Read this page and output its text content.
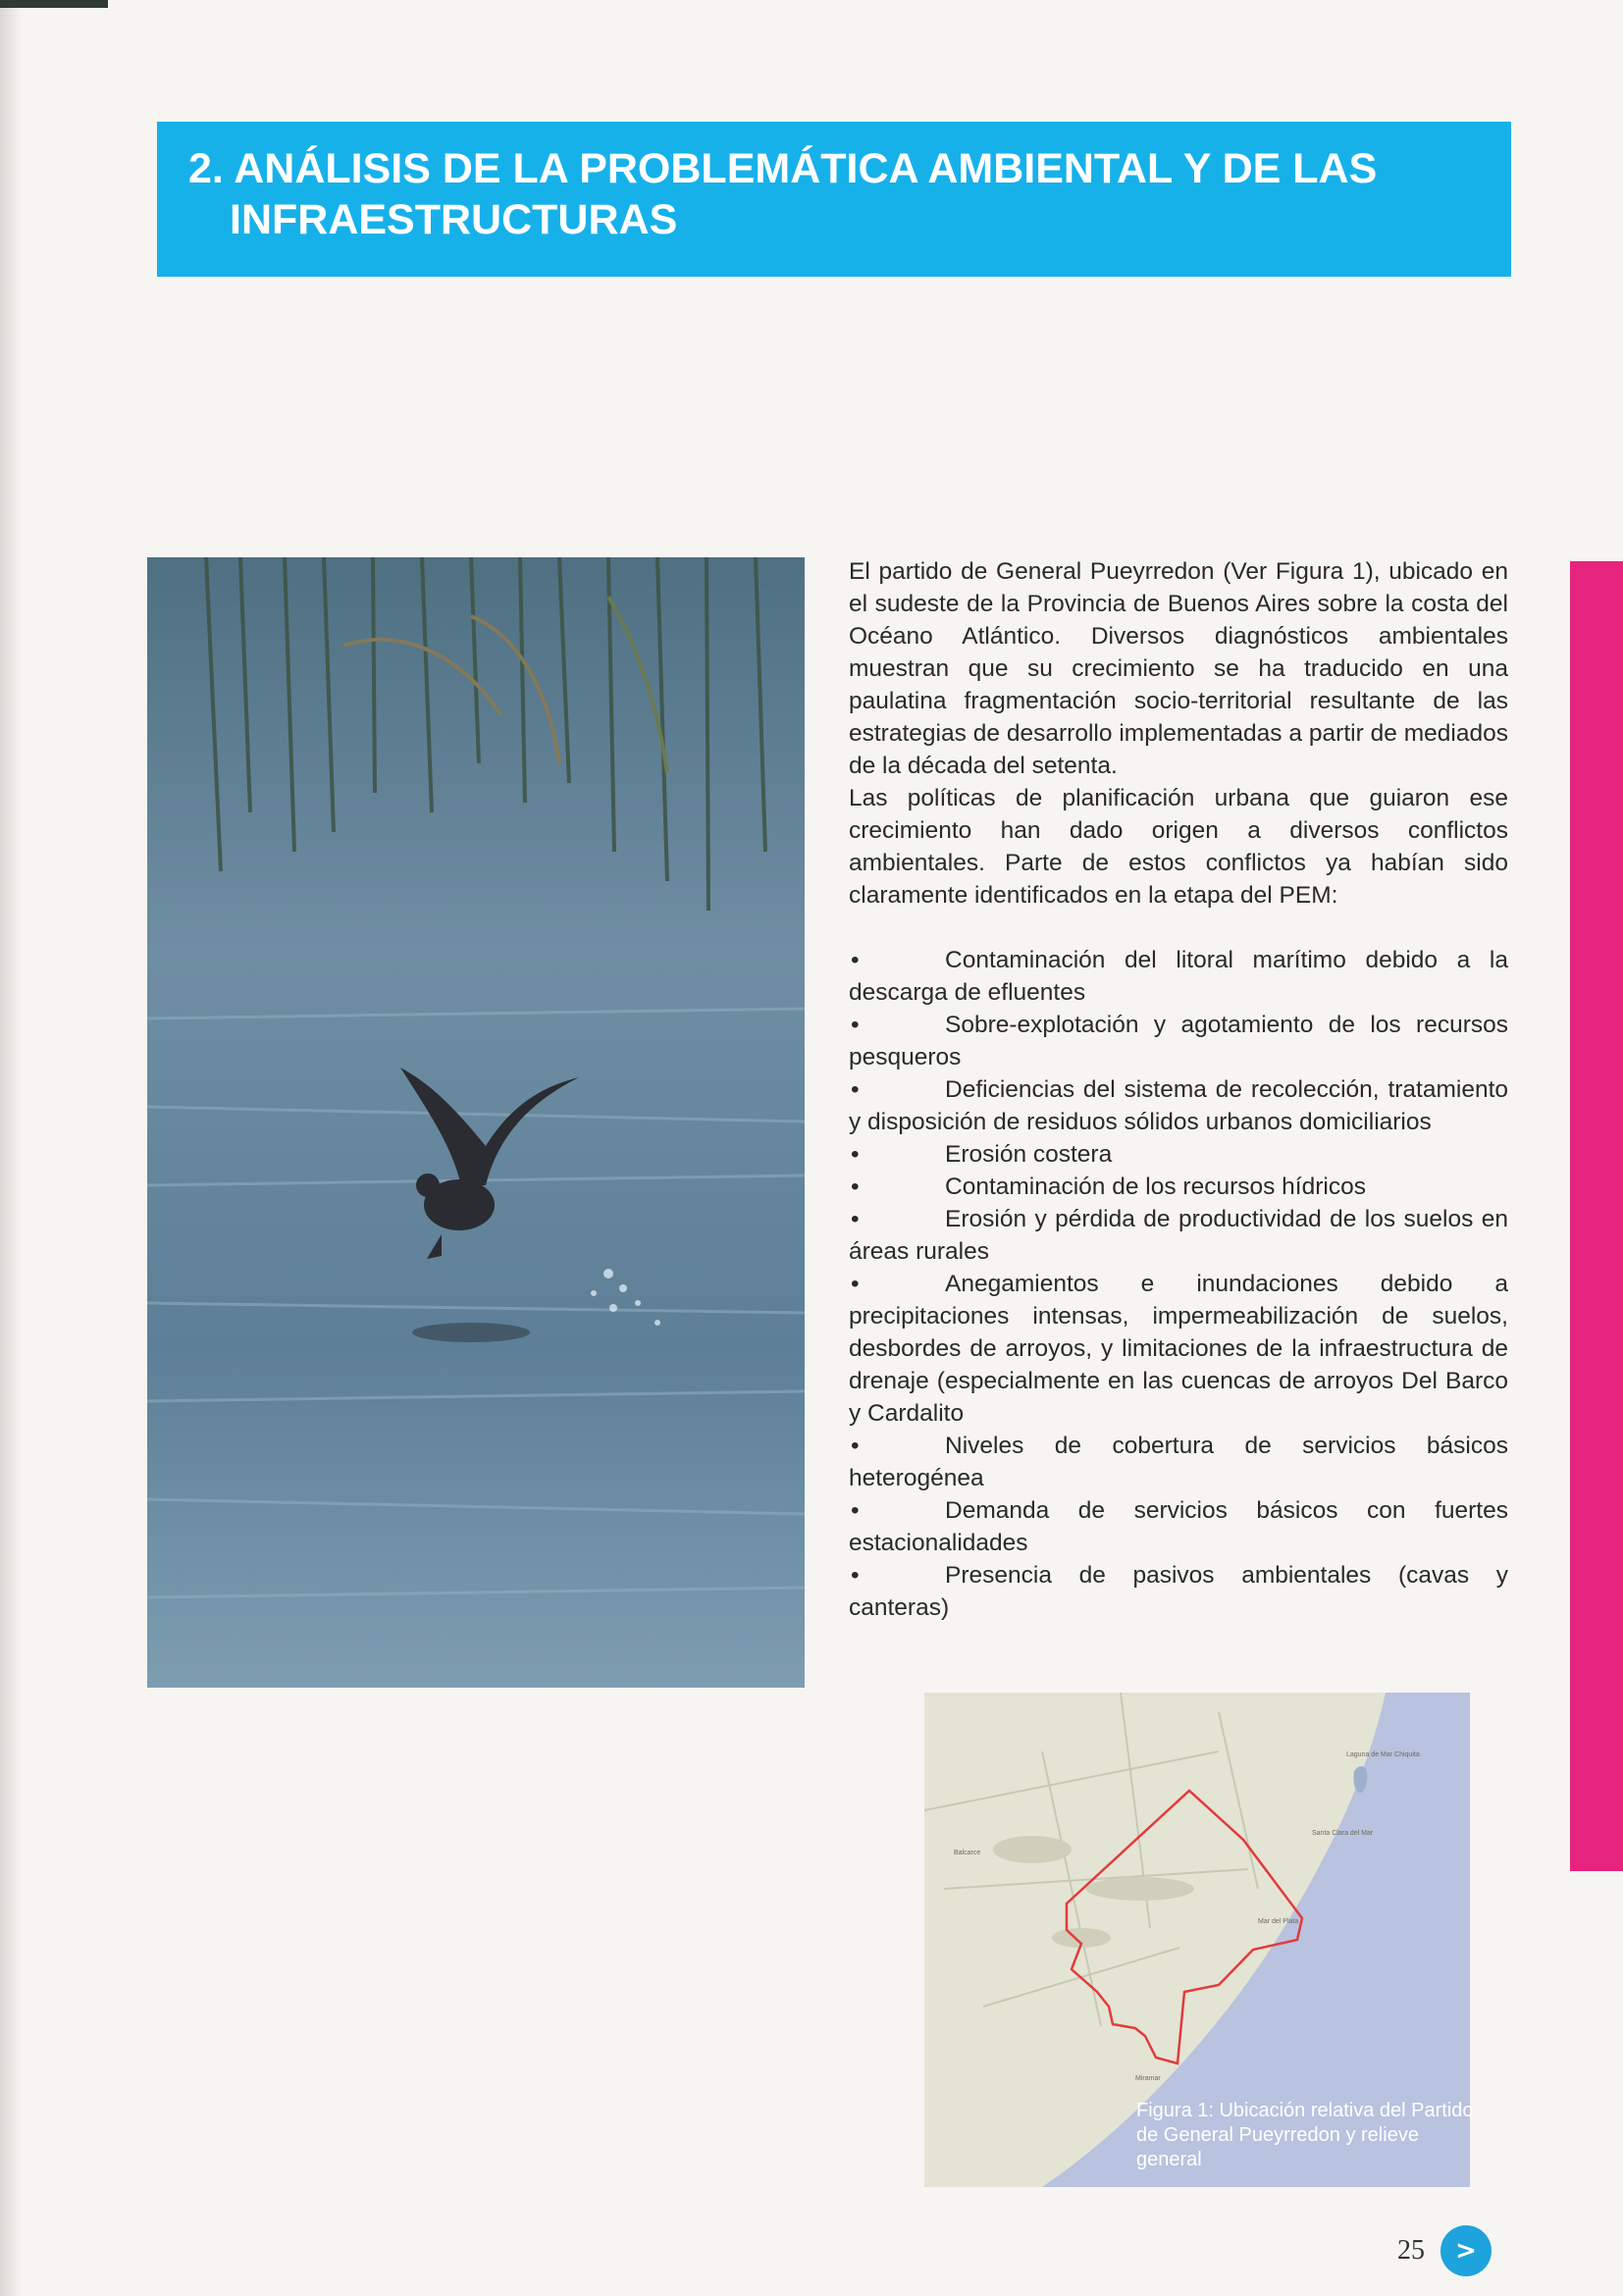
2. ANÁLISIS DE LA PROBLEMÁTICA AMBIENTAL Y DE LAS
INFRAESTRUCTURAS

El partido de General Pueyrredon (Ver Figura 1), ubicado en el sudeste de la Provincia de Buenos Aires sobre la costa del Océano Atlántico. Diversos diagnósticos ambientales muestran que su crecimiento se ha traducido en una paulatina fragmentación socio-territorial resultante de las estrategias de desarrollo implementadas a partir de mediados de la década del setenta.

Las políticas de planificación urbana que guiaron ese crecimiento han dado origen a diversos conflictos ambientales. Parte de estos conflictos ya habían sido claramente identificados en la etapa del PEM:

•	Contaminación del litoral marítimo debido a la descarga de efluentes
•	Sobre-explotación y agotamiento de los recursos pesqueros
•	Deficiencias del sistema de recolección, tratamiento y disposición de residuos sólidos urbanos domiciliarios
•	Erosión costera
•	Contaminación de los recursos hídricos
•	Erosión y pérdida de productividad de los suelos en áreas rurales
•	Anegamientos e inundaciones debido a precipitaciones intensas, impermeabilización de suelos, desbordes de arroyos, y limitaciones de la infraestructura de drenaje (especialmente en las cuencas de arroyos Del Barco y Cardalito
•	Niveles de cobertura de servicios básicos heterogénea
•	Demanda de servicios básicos con fuertes estacionalidades
•	Presencia de pasivos ambientales (cavas y canteras)
Mar del Plata
Santa Clara del Mar
Balcarce
Miramar
Laguna de Mar Chiquita
Figura 1: Ubicación relativa del Partido de General Pueyrredon y relieve general
25	>
